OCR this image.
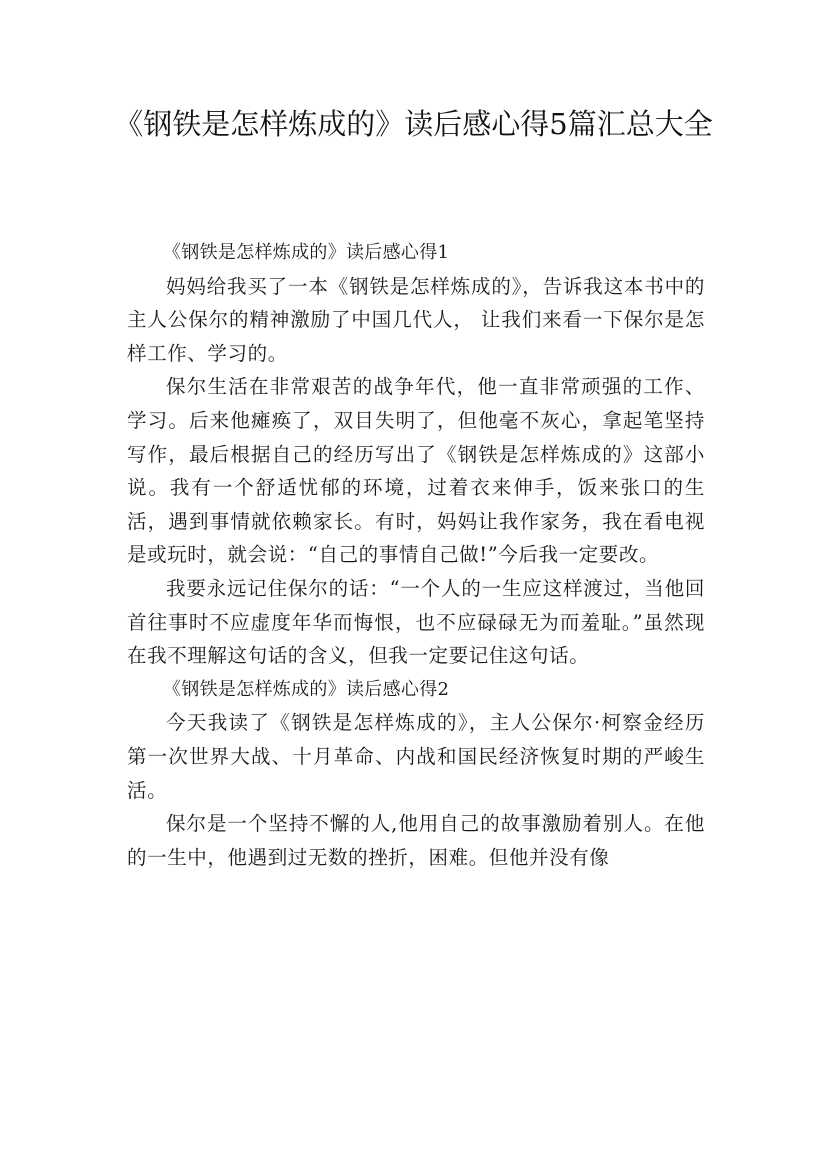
《钢铁是怎样炼成的》读后感心得5篇汇总大全

《钢铁是怎样炼成的》读后感心得1

妈妈给我买了一本《钢铁是怎样炼成的》，告诉我这本书中的主人公保尔的精神激励了中国几代人， 让我们来看一下保尔是怎样工作、学习的。

保尔生活在非常艰苦的战争年代，他一直非常顽强的工作、学习。后来他瘫痪了，双目失明了，但他毫不灰心，拿起笔坚持写作，最后根据自己的经历写出了《钢铁是怎样炼成的》这部小说。我有一个舒适忧郁的环境，过着衣来伸手，饭来张口的生活，遇到事情就依赖家长。有时，妈妈让我作家务，我在看电视是或玩时，就会说：“自己的事情自己做!”今后我一定要改。

我要永远记住保尔的话：“一个人的一生应这样渡过，当他回首往事时不应虚度年华而悔恨，也不应碌碌无为而羞耻。”虽然现在我不理解这句话的含义，但我一定要记住这句话。

《钢铁是怎样炼成的》读后感心得2

今天我读了《钢铁是怎样炼成的》，主人公保尔·柯察金经历第一次世界大战、十月革命、内战和国民经济恢复时期的严峻生活。

保尔是一个坚持不懈的人,他用自己的故事激励着别人。在他的一生中，他遇到过无数的挫折，困难。但他并没有像
